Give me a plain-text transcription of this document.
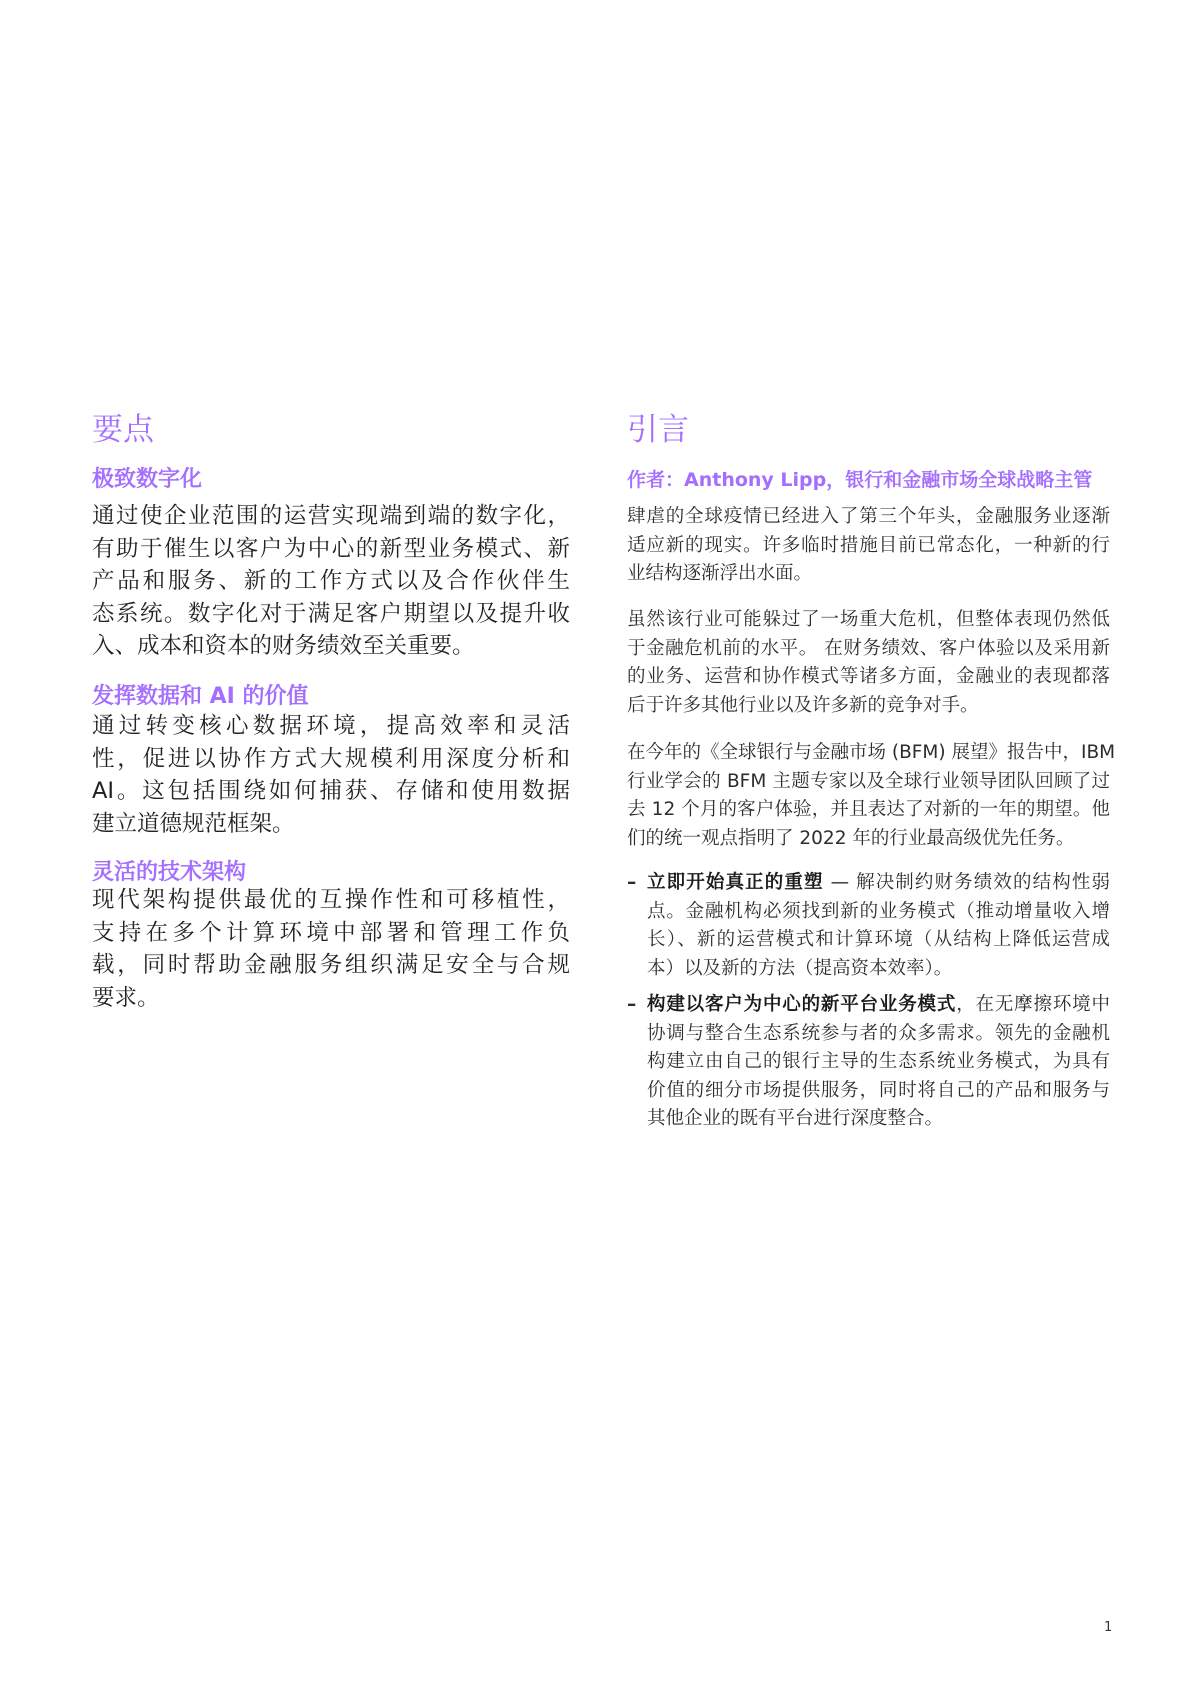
要点
极致数字化
通过使企业范围的运营实现端到端的数字化，
有助于催生以客户为中心的新型业务模式、新
产品和服务、新的工作方式以及合作伙伴生
态系统。数字化对于满足客户期望以及提升收
入、成本和资本的财务绩效至关重要。
发挥数据和 AI 的价值
通过转变核心数据环境，提高效率和灵活
性，促进以协作方式大规模利用深度分析和
AI。这包括围绕如何捕获、存储和使用数据
建立道德规范框架。
灵活的技术架构
现代架构提供最优的互操作性和可移植性，
支持在多个计算环境中部署和管理工作负
载，同时帮助金融服务组织满足安全与合规
要求。
引言
作者：Anthony Lipp，银行和金融市场全球战略主管
肆虐的全球疫情已经进入了第三个年头，金融服务业逐渐
适应新的现实。许多临时措施目前已常态化，一种新的行
业结构逐渐浮出水面。
虽然该行业可能躲过了一场重大危机，但整体表现仍然低
于金融危机前的水平。 在财务绩效、客户体验以及采用新
的业务、运营和协作模式等诸多方面，金融业的表现都落
后于许多其他行业以及许多新的竞争对手。
在今年的《全球银行与金融市场 (BFM) 展望》报告中，IBM
行业学会的 BFM 主题专家以及全球行业领导团队回顾了过
去 12 个月的客户体验，并且表达了对新的一年的期望。他
们的统一观点指明了 2022 年的行业最高级优先任务。
– 立即开始真正的重塑 — 解决制约财务绩效的结构性弱
点。金融机构必须找到新的业务模式（推动增量收入增
长）、新的运营模式和计算环境（从结构上降低运营成
本）以及新的方法（提高资本效率）。
– 构建以客户为中心的新平台业务模式，在无摩擦环境中
协调与整合生态系统参与者的众多需求。领先的金融机
构建立由自己的银行主导的生态系统业务模式，为具有
价值的细分市场提供服务，同时将自己的产品和服务与
其他企业的既有平台进行深度整合。
1
